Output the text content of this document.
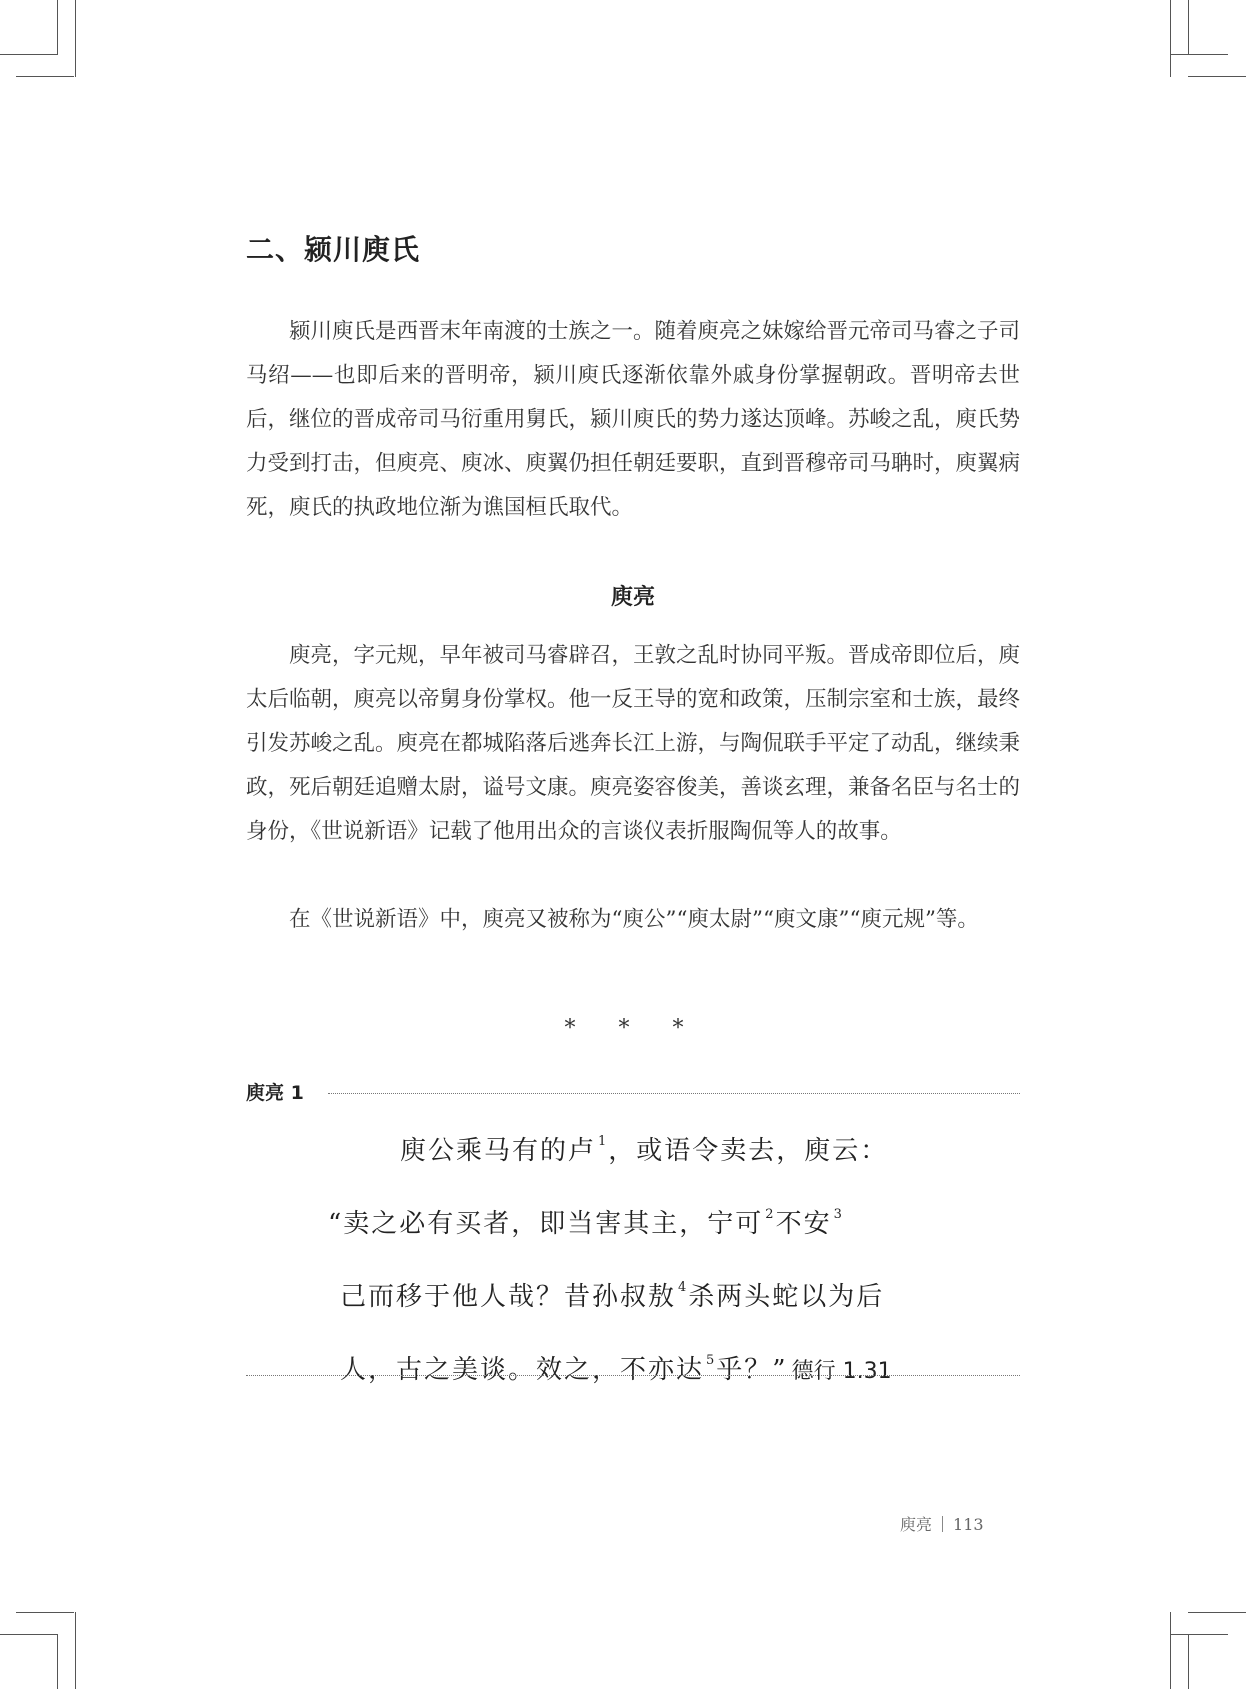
二、颍川庾氏
颍川庾氏是西晋末年南渡的士族之一。随着庾亮之妹嫁给晋元帝司马睿之子司马绍——也即后来的晋明帝，颍川庾氏逐渐依靠外戚身份掌握朝政。晋明帝去世后，继位的晋成帝司马衍重用舅氏，颍川庾氏的势力遂达顶峰。苏峻之乱，庾氏势力受到打击，但庾亮、庾冰、庾翼仍担任朝廷要职，直到晋穆帝司马聃时，庾翼病死，庾氏的执政地位渐为谯国桓氏取代。
庾亮
庾亮，字元规，早年被司马睿辟召，王敦之乱时协同平叛。晋成帝即位后，庾太后临朝，庾亮以帝舅身份掌权。他一反王导的宽和政策，压制宗室和士族，最终引发苏峻之乱。庾亮在都城陷落后逃奔长江上游，与陶侃联手平定了动乱，继续秉政，死后朝廷追赠太尉，谥号文康。庾亮姿容俊美，善谈玄理，兼备名臣与名士的身份，《世说新语》记载了他用出众的言谈仪表折服陶侃等人的故事。
在《世说新语》中，庾亮又被称为“庾公”“庾太尉”“庾文康”“庾元规”等。
* * *
庾亮 1
庾公乘马有的卢 $^1$，或语令卖去，庾云：
“卖之必有买者，即当害其主，宁可 $^2$不安 $^3$
己而移于他人哉？昔孙叔敖 $^4$杀两头蛇以为后
人，古之美谈。效之，不亦达 $^5$乎？” 德行 1.31
庾亮 113
